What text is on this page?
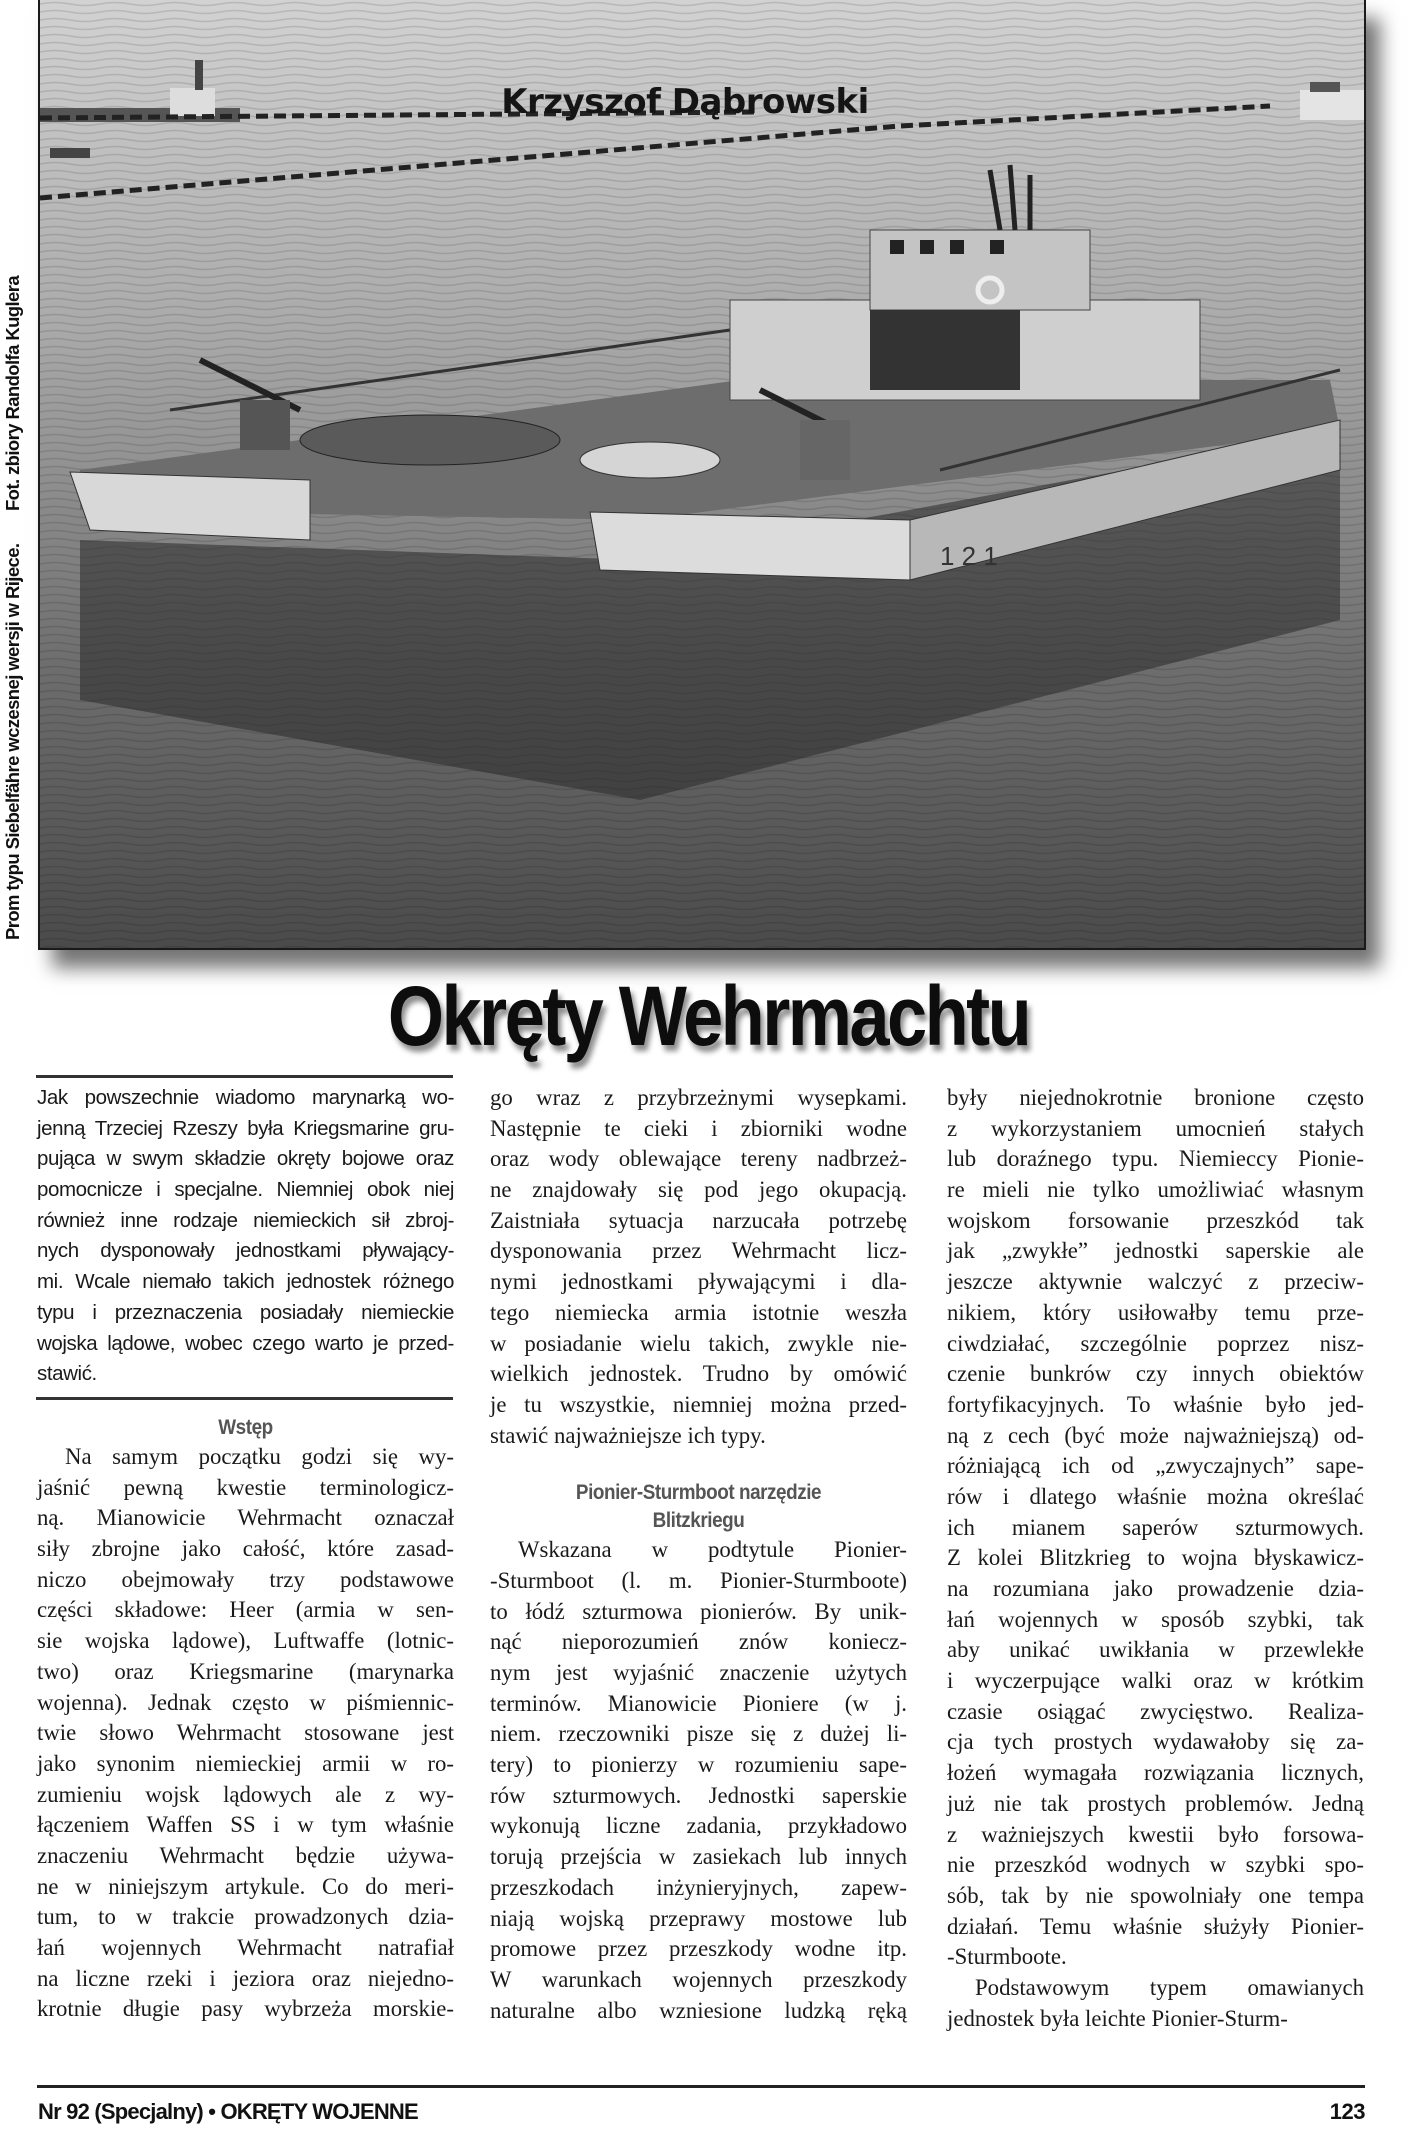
1 2 1
Krzyszof Dąbrowski
Prom typu Siebelfähre wczesnej wersji w Rijece. Fot. zbiory Randolfa Kuglera
Okręty Wehrmachtu
Jak powszechnie wiadomo marynarką wo-
jenną Trzeciej Rzeszy była Kriegsmarine gru-
pująca w swym składzie okręty bojowe oraz
pomocnicze i specjalne. Niemniej obok niej
również inne rodzaje niemieckich sił zbroj-
nych dysponowały jednostkami pływający-
mi. Wcale niemało takich jednostek różnego
typu i przeznaczenia posiadały niemieckie
wojska lądowe, wobec czego warto je przed-
stawić.
Wstęp
Na samym początku godzi się wy-
jaśnić pewną kwestie terminologicz-
ną. Mianowicie Wehrmacht oznaczał
siły zbrojne jako całość, które zasad-
niczo obejmowały trzy podstawowe
części składowe: Heer (armia w sen-
sie wojska lądowe), Luftwaffe (lotnic-
two) oraz Kriegsmarine (marynarka
wojenna). Jednak często w piśmiennic-
twie słowo Wehrmacht stosowane jest
jako synonim niemieckiej armii w ro-
zumieniu wojsk lądowych ale z wy-
łączeniem Waffen SS i w tym właśnie
znaczeniu Wehrmacht będzie używa-
ne w niniejszym artykule. Co do meri-
tum, to w trakcie prowadzonych dzia-
łań wojennych Wehrmacht natrafiał
na liczne rzeki i jeziora oraz niejedno-
krotnie długie pasy wybrzeża morskie-
go wraz z przybrzeżnymi wysepkami.
Następnie te cieki i zbiorniki wodne
oraz wody oblewające tereny nadbrzeż-
ne znajdowały się pod jego okupacją.
Zaistniała sytuacja narzucała potrzebę
dysponowania przez Wehrmacht licz-
nymi jednostkami pływającymi i dla-
tego niemiecka armia istotnie weszła
w posiadanie wielu takich, zwykle nie-
wielkich jednostek. Trudno by omówić
je tu wszystkie, niemniej można przed-
stawić najważniejsze ich typy.
Pionier-Sturmboot narzędzie
Blitzkriegu
Wskazana w podtytule Pionier-
-Sturmboot (l. m. Pionier-Sturmboote)
to łódź szturmowa pionierów. By unik-
nąć nieporozumień znów koniecz-
nym jest wyjaśnić znaczenie użytych
terminów. Mianowicie Pioniere (w j.
niem. rzeczowniki pisze się z dużej li-
tery) to pionierzy w rozumieniu sape-
rów szturmowych. Jednostki saperskie
wykonują liczne zadania, przykładowo
torują przejścia w zasiekach lub innych
przeszkodach inżynieryjnych, zapew-
niają wojską przeprawy mostowe lub
promowe przez przeszkody wodne itp.
W warunkach wojennych przeszkody
naturalne albo wzniesione ludzką ręką
były niejednokrotnie bronione często
z wykorzystaniem umocnień stałych
lub doraźnego typu. Niemieccy Pionie-
re mieli nie tylko umożliwiać własnym
wojskom forsowanie przeszkód tak
jak „zwykłe” jednostki saperskie ale
jeszcze aktywnie walczyć z przeciw-
nikiem, który usiłowałby temu prze-
ciwdziałać, szczególnie poprzez nisz-
czenie bunkrów czy innych obiektów
fortyfikacyjnych. To właśnie było jed-
ną z cech (być może najważniejszą) od-
różniającą ich od „zwyczajnych” sape-
rów i dlatego właśnie można określać
ich mianem saperów szturmowych.
Z kolei Blitzkrieg to wojna błyskawicz-
na rozumiana jako prowadzenie dzia-
łań wojennych w sposób szybki, tak
aby unikać uwikłania w przewlekłe
i wyczerpujące walki oraz w krótkim
czasie osiągać zwycięstwo. Realiza-
cja tych prostych wydawałoby się za-
łożeń wymagała rozwiązania licznych,
już nie tak prostych problemów. Jedną
z ważniejszych kwestii było forsowa-
nie przeszkód wodnych w szybki spo-
sób, tak by nie spowolniały one tempa
działań. Temu właśnie służyły Pionier-
-Sturmboote.
Podstawowym typem omawianych
jednostek była leichte Pionier-Sturm-
Nr 92 (Specjalny) • OKRĘTY WOJENNE	123
